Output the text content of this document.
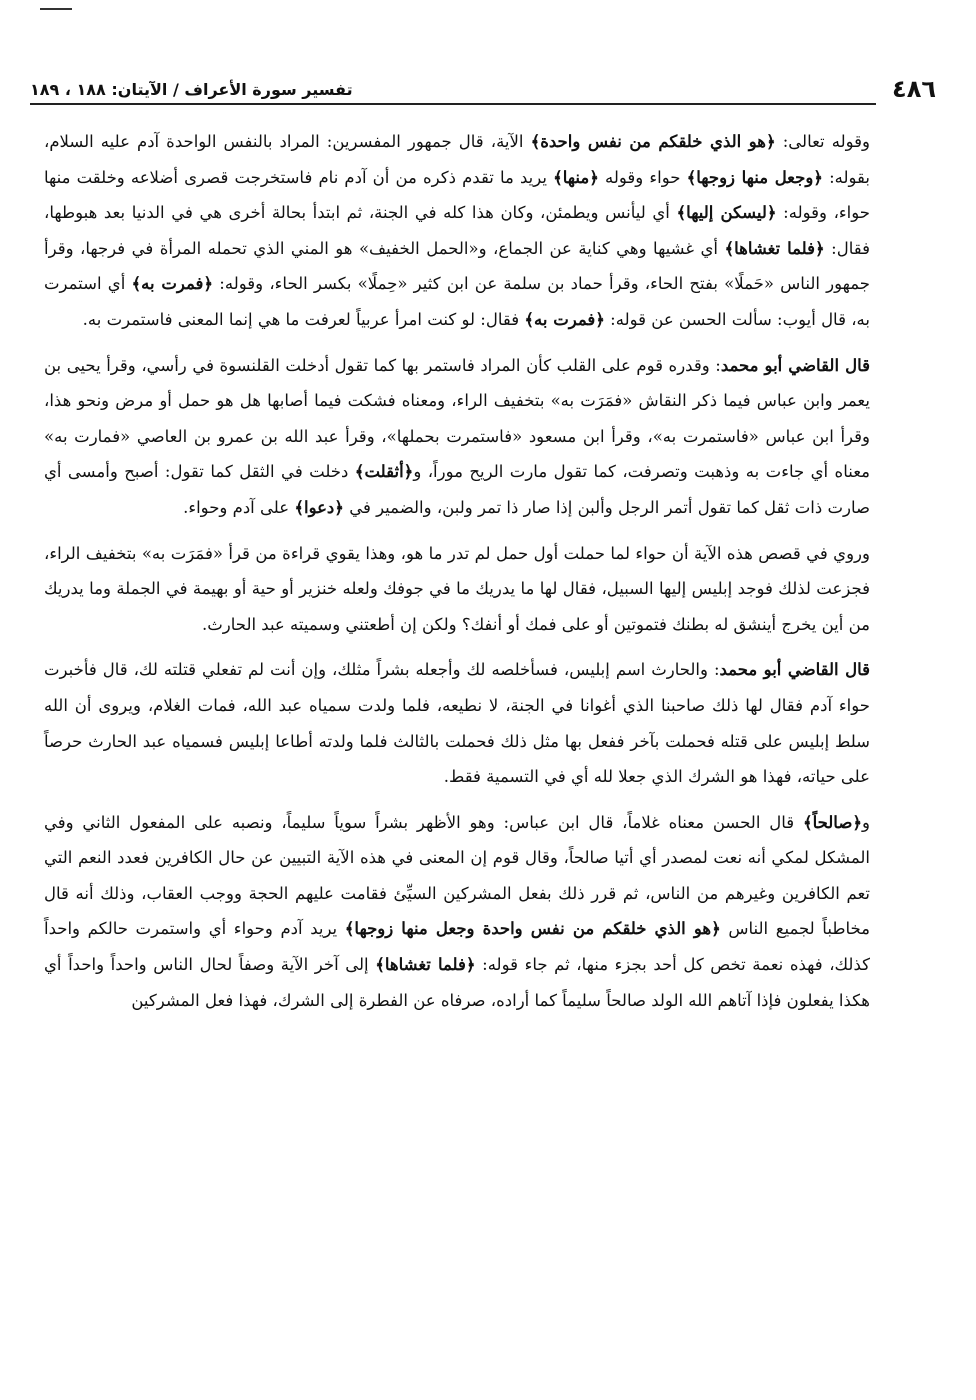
٤٨٦
تفسير سورة الأعراف / الآيتان: ١٨٨ ، ١٨٩

وقوله تعالى: ﴿هو الذي خلقكم من نفس واحدة﴾ الآية، قال جمهور المفسرين: المراد بالنفس الواحدة آدم عليه السلام، بقوله: ﴿وجعل منها زوجها﴾ حواء وقوله ﴿منها﴾ يريد ما تقدم ذكره من أن آدم نام فاستخرجت قصرى أضلاعه وخلقت منها حواء، وقوله: ﴿ليسكن إليها﴾ أي ليأنس ويطمئن، وكان هذا كله في الجنة، ثم ابتدأ بحالة أخرى هي في الدنيا بعد هبوطها، فقال: ﴿فلما تغشاها﴾ أي غشيها وهي كناية عن الجماع، و«الحمل الخفيف» هو المني الذي تحمله المرأة في فرجها، وقرأ جمهور الناس «حَملًا» بفتح الحاء، وقرأ حماد بن سلمة عن ابن كثير «حِملًا» بكسر الحاء، وقوله: ﴿فمرت به﴾ أي استمرت به، قال أيوب: سألت الحسن عن قوله: ﴿فمرت به﴾ فقال: لو كنت امرأ عربياً لعرفت ما هي إنما المعنى فاستمرت به.

قال القاضي أبو محمد: وقدره قوم على القلب كأن المراد فاستمر بها كما تقول أدخلت القلنسوة في رأسي، وقرأ يحيى بن يعمر وابن عباس فيما ذكر النقاش «فمَرَت به» بتخفيف الراء، ومعناه فشكت فيما أصابها هل هو حمل أو مرض ونحو هذا، وقرأ ابن عباس «فاستمرت به»، وقرأ ابن مسعود «فاستمرت بحملها»، وقرأ عبد الله بن عمرو بن العاصي «فمارت به» معناه أي جاءت به وذهبت وتصرفت، كما تقول مارت الريح موراً، و﴿أثقلت﴾ دخلت في الثقل كما تقول: أصبح وأمسى أي صارت ذات ثقل كما تقول أتمر الرجل وألبن إذا صار ذا تمر ولبن، والضمير في ﴿دعوا﴾ على آدم وحواء.

وروي في قصص هذه الآية أن حواء لما حملت أول حمل لم تدر ما هو، وهذا يقوي قراءة من قرأ «فمَرَت به» بتخفيف الراء، فجزعت لذلك فوجد إبليس إليها السبيل، فقال لها ما يدريك ما في جوفك ولعله خنزير أو حية أو بهيمة في الجملة وما يدريك من أين يخرج أينشق له بطنك فتموتين أو على فمك أو أنفك؟ ولكن إن أطعتني وسميته عبد الحارث.

قال القاضي أبو محمد: والحارث اسم إبليس، فسأخلصه لك وأجعله بشراً مثلك، وإن أنت لم تفعلي قتلته لك، قال فأخبرت حواء آدم فقال لها ذلك صاحبنا الذي أغوانا في الجنة، لا نطيعه، فلما ولدت سمياه عبد الله، فمات الغلام، ويروى أن الله سلط إبليس على قتله فحملت بآخر ففعل بها مثل ذلك فحملت بالثالث فلما ولدته أطاعا إبليس فسمياه عبد الحارث حرصاً على حياته، فهذا هو الشرك الذي جعلا لله أي في التسمية فقط.

و﴿صالحاً﴾ قال الحسن معناه غلاماً، قال ابن عباس: وهو الأظهر بشراً سوياً سليماً، ونصبه على المفعول الثاني وفي المشكل لمكي أنه نعت لمصدر أي أتيا صالحاً، وقال قوم إن المعنى في هذه الآية التبيين عن حال الكافرين فعدد النعم التي تعم الكافرين وغيرهم من الناس، ثم قرر ذلك بفعل المشركين السيِّئ فقامت عليهم الحجة ووجب العقاب، وذلك أنه قال مخاطباً لجميع الناس ﴿هو الذي خلقكم من نفس واحدة وجعل منها زوجها﴾ يريد آدم وحواء أي واستمرت حالكم واحداً كذلك، فهذه نعمة تخص كل أحد بجزء منها، ثم جاء قوله: ﴿فلما تغشاها﴾ إلى آخر الآية وصفاً لحال الناس واحداً واحداً أي هكذا يفعلون فإذا آتاهم الله الولد صالحاً سليماً كما أراده، صرفاه عن الفطرة إلى الشرك، فهذا فعل المشركين
